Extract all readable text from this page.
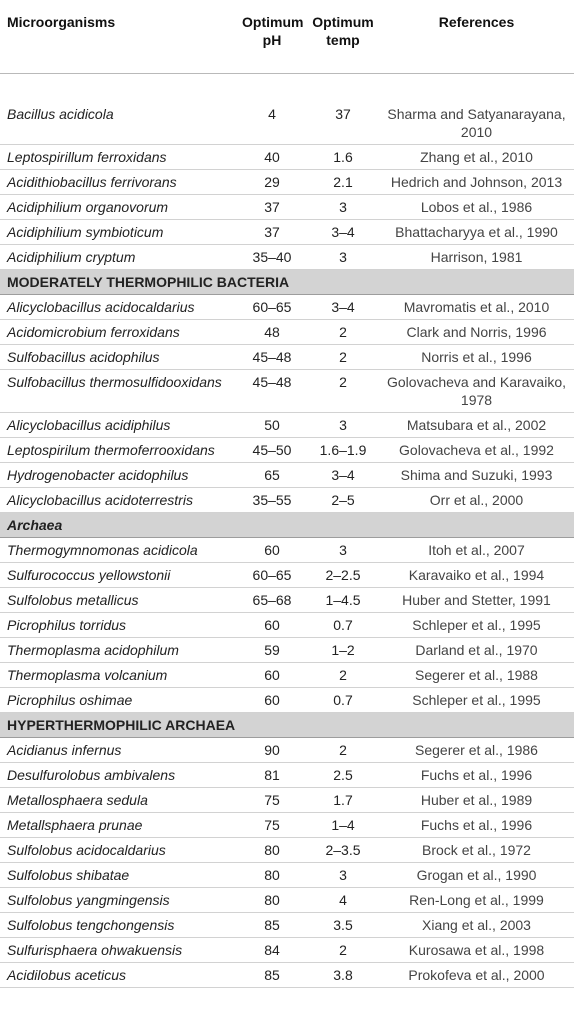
Microorganisms	Optimum pH	Optimum temp	References

Bacillus acidicola	4	37	Sharma and Satyanarayana, 2010
Leptospirillum ferroxidans	40	1.6	Zhang et al., 2010
Acidithiobacillus ferrivorans	29	2.1	Hedrich and Johnson, 2013
Acidiphilium organovorum	37	3	Lobos et al., 1986
Acidiphilium symbioticum	37	3–4	Bhattacharyya et al., 1990
Acidiphilium cryptum	35–40	3	Harrison, 1981
MODERATELY THERMOPHILIC BACTERIA			
Alicyclobacillus acidocaldarius	60–65	3–4	Mavromatis et al., 2010
Acidomicrobium ferroxidans	48	2	Clark and Norris, 1996
Sulfobacillus acidophilus	45–48	2	Norris et al., 1996
Sulfobacillus thermosulfidooxidans	45–48	2	Golovacheva and Karavaiko, 1978
Alicyclobacillus acidiphilus	50	3	Matsubara et al., 2002
Leptospirilum thermoferrooxidans	45–50	1.6–1.9	Golovacheva et al., 1992
Hydrogenobacter acidophilus	65	3–4	Shima and Suzuki, 1993
Alicyclobacillus acidoterrestris	35–55	2–5	Orr et al., 2000
Archaea			
Thermogymnomonas acidicola	60	3	Itoh et al., 2007
Sulfurococcus yellowstonii	60–65	2–2.5	Karavaiko et al., 1994
Sulfolobus metallicus	65–68	1–4.5	Huber and Stetter, 1991
Picrophilus torridus	60	0.7	Schleper et al., 1995
Thermoplasma acidophilum	59	1–2	Darland et al., 1970
Thermoplasma volcanium	60	2	Segerer et al., 1988
Picrophilus oshimae	60	0.7	Schleper et al., 1995
HYPERTHERMOPHILIC ARCHAEA			
Acidianus infernus	90	2	Segerer et al., 1986
Desulfurolobus ambivalens	81	2.5	Fuchs et al., 1996
Metallosphaera sedula	75	1.7	Huber et al., 1989
Metallsphaera prunae	75	1–4	Fuchs et al., 1996
Sulfolobus acidocaldarius	80	2–3.5	Brock et al., 1972
Sulfolobus shibatae	80	3	Grogan et al., 1990
Sulfolobus yangmingensis	80	4	Ren-Long et al., 1999
Sulfolobus tengchongensis	85	3.5	Xiang et al., 2003
Sulfurisphaera ohwakuensis	84	2	Kurosawa et al., 1998
Acidilobus aceticus	85	3.8	Prokofeva et al., 2000
